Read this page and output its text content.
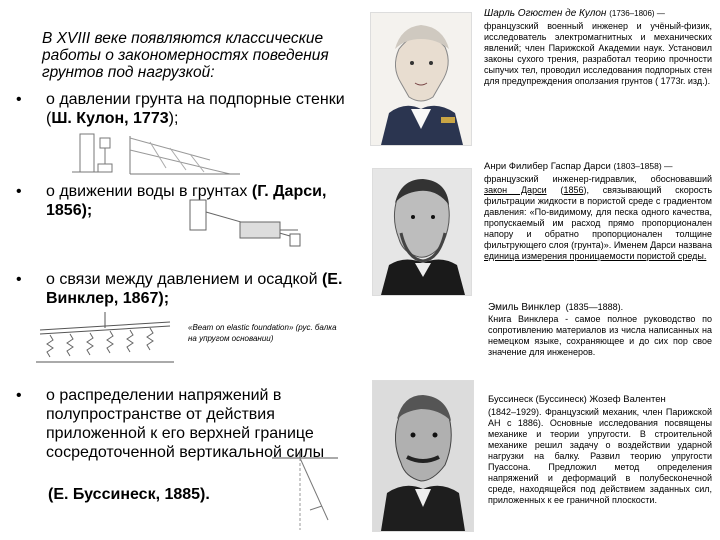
В XVIII веке появляются классические работы о закономерностях поведения грунтов под нагрузкой:
• о давлении грунта на подпорные стенки (Ш. Кулон, 1773);
• о движении воды в грунтах (Г. Дарси, 1856);
• о связи между давлением и осадкой (Е. Винклер, 1867);
«Beam on elastic foundation» (рус. балка на упругом основании)
• о распределении напряжений в полупространстве от действия приложенной к его верхней границе сосредоточенной вертикальной силы
(Е. Буссинеск, 1885).
Шарль Огюстен де Кулон (1736–1806) —
французский военный инженер и учёный-физик, исследователь электромагнитных и механических явлений; член Парижской Академии наук. Установил законы сухого трения, разработал теорию прочности сыпучих тел, проводил исследования подпорных стен для предупреждения оползания грунтов ( 1773г. изд.).
Анри Филибер Гаспар Дарси (1803–1858) —
французский инженер-гидравлик, обосновавший закон Дарси (1856), связывающий скорость фильтрации жидкости в пористой среде с градиентом давления: «По-видимому, для песка одного качества, пропускаемый им расход прямо пропорционален напору и обратно пропорционален толщине фильтрующего слоя (грунта)». Именем Дарси названа единица измерения проницаемости пористой среды.
Эмиль Винклер (1835—1888).
Книга Винклера - самое полное руководство по сопротивлению материалов из числа написанных на немецком языке, сохраняющее и до сих пор свое значение для инженеров.
Буссинеск (Буссинеск) Жозеф Валентен
(1842–1929). Французский механик, член Парижской АН с 1886). Основные исследования посвящены механике и теории упругости. В строительной механике решил задачу о воздействии ударной нагрузки на балку. Развил теорию упругости Пуассона. Предложил метод определения напряжений и деформаций в полубесконечной среде, находящейся под действием заданных сил, приложенных к ее граничной плоскости.
